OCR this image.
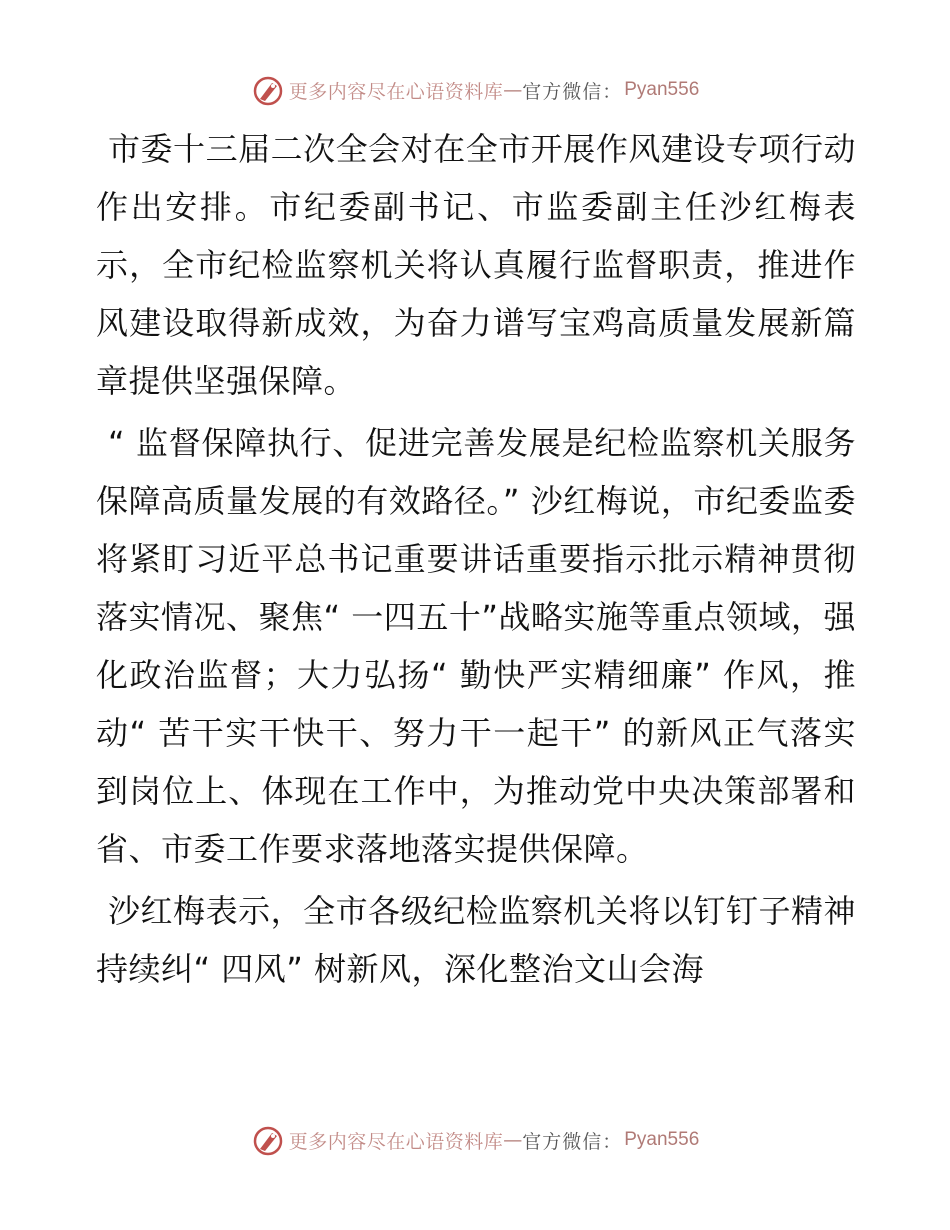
更多内容尽在心语资料库 — 官方微信： Pyan556

市委十三届二次全会对在全市开展作风建设专项行动作出安排。市纪委副书记、市监委副主任沙红梅表示，全市纪检监察机关将认真履行监督职责，推进作风建设取得新成效，为奋力谱写宝鸡高质量发展新篇章提供坚强保障。

“ 监督保障执行、促进完善发展是纪检监察机关服务保障高质量发展的有效路径。” 沙红梅说，市纪委监委将紧盯习近平总书记重要讲话重要指示批示精神贯彻落实情况、聚焦“ 一四五十”战略实施等重点领域，强化政治监督；大力弘扬“ 勤快严实精细廉” 作风，推动“ 苦干实干快干、努力干一起干” 的新风正气落实到岗位上、体现在工作中，为推动党中央决策部署和省、市委工作要求落地落实提供保障。

沙红梅表示，全市各级纪检监察机关将以钉钉子精神持续纠“ 四风” 树新风，深化整治文山会海

更多内容尽在心语资料库 — 官方微信： Pyan556
